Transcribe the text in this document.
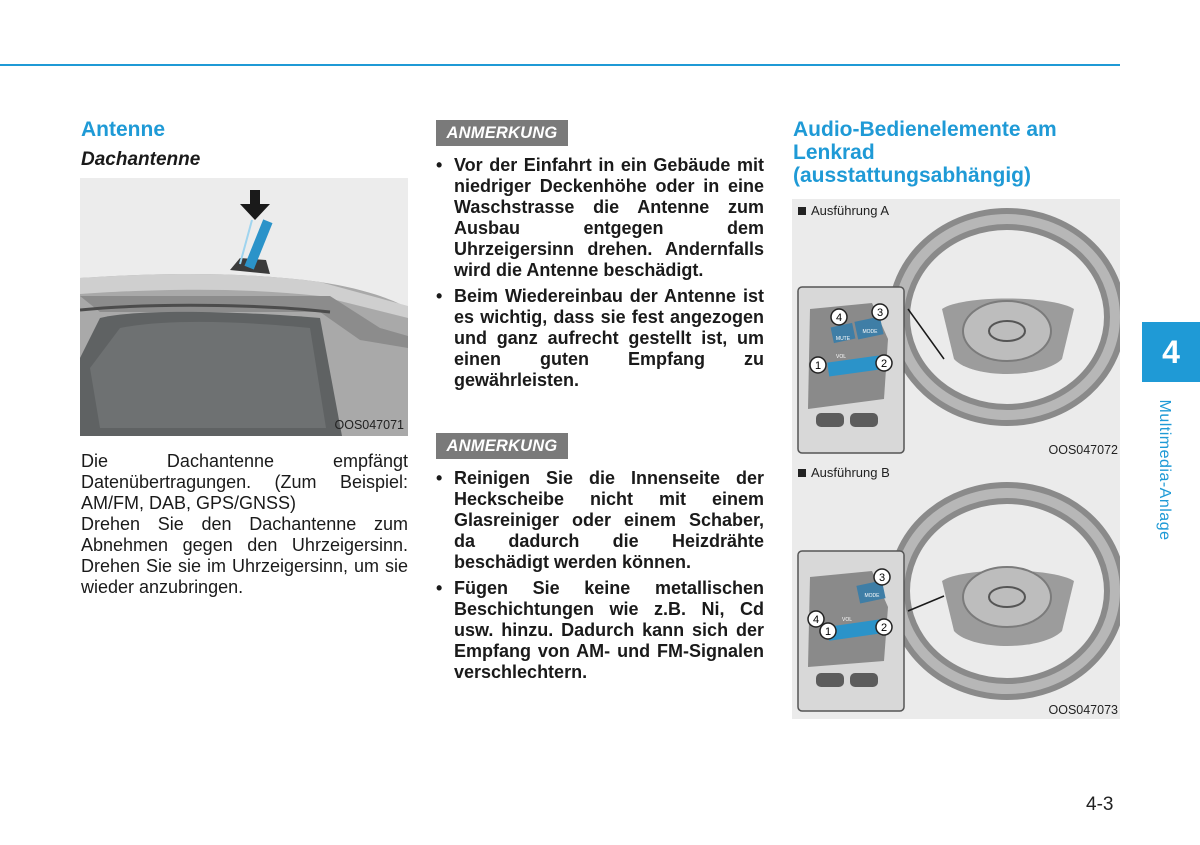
Antenne
Dachantenne
OOS047071

Die Dachantenne empfängt Datenübertragungen. (Zum Beispiel: AM/FM, DAB, GPS/GNSS)

Drehen Sie den Dachantenne zum Abnehmen gegen den Uhrzeigersinn. Drehen Sie sie im Uhrzeigersinn, um sie wieder anzubringen.

ANMERKUNG
• Vor der Einfahrt in ein Gebäude mit niedriger Deckenhöhe oder in eine Waschstrasse die Antenne zum Ausbau entgegen dem Uhrzeigersinn drehen. Andernfalls wird die Antenne beschädigt.
• Beim Wiedereinbau der Antenne ist es wichtig, dass sie fest angezogen und ganz aufrecht gestellt ist, um einen guten Empfang zu gewährleisten.
ANMERKUNG
• Reinigen Sie die Innenseite der Heckscheibe nicht mit einem Glasreiniger oder einem Schaber, da dadurch die Heizdrähte beschädigt werden können.
• Fügen Sie keine metallischen Beschichtungen wie z.B. Ni, Cd usw. hinzu. Dadurch kann sich der Empfang von AM- und FM-Signalen verschlechtern.
Audio-Bedienelemente am Lenkrad (ausstattungsabhängig)
4	3
1	2
MUTE
MODE
VOL
OOS047072
Ausführung A
3
4
1	2
MODE
VOL
OOS047073
Ausführung B
4
Multimedia-Anlage
4-3
